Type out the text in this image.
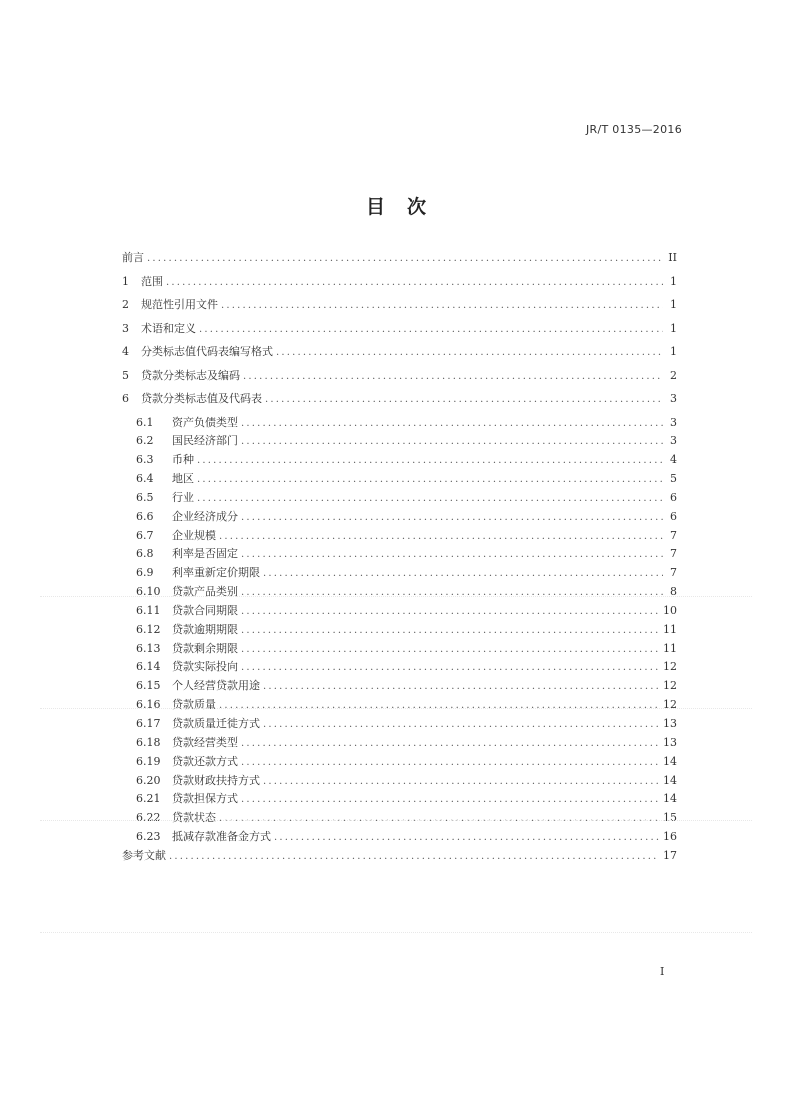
JR/T 0135—2016
目 次
前言 .....	II
1	范围 .....	1
2	规范性引用文件 .....	1
3	术语和定义 .....	1
4	分类标志值代码表编写格式 .....	1
5	贷款分类标志及编码 .....	2
6	贷款分类标志值及代码表 .....	3
6.1	资产负债类型 .....	3
6.2	国民经济部门 .....	3
6.3	币种 .....	4
6.4	地区 .....	5
6.5	行业 .....	6
6.6	企业经济成分 .....	6
6.7	企业规模 .....	7
6.8	利率是否固定 .....	7
6.9	利率重新定价期限 .....	7
6.10	贷款产品类别 .....	8
6.11	贷款合同期限 .....	10
6.12	贷款逾期期限 .....	11
6.13	贷款剩余期限 .....	11
6.14	贷款实际投向 .....	12
6.15	个人经营贷款用途 .....	12
6.16	贷款质量 .....	12
6.17	贷款质量迁徙方式 .....	13
6.18	贷款经营类型 .....	13
6.19	贷款还款方式 .....	14
6.20	贷款财政扶持方式 .....	14
6.21	贷款担保方式 .....	14
6.22	贷款状态 .....	15
6.23	抵减存款准备金方式 .....	16
参考文献 .....	17
I
